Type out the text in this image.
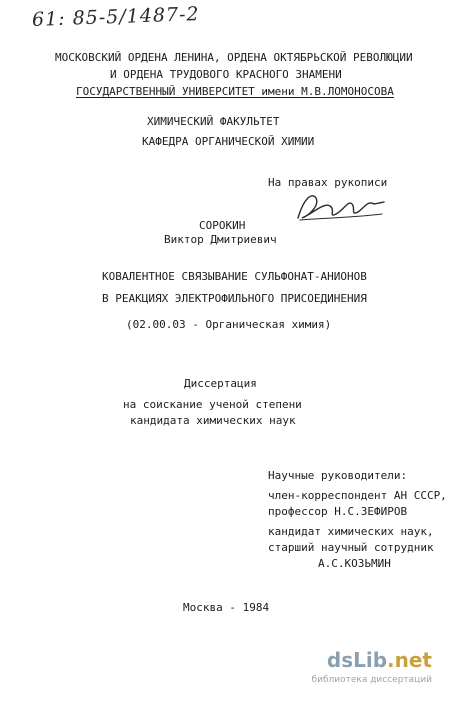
61: 85-5/1487-2
МОСКОВСКИЙ ОРДЕНА ЛЕНИНА, ОРДЕНА ОКТЯБРЬСКОЙ РЕВОЛЮЦИИ
И ОРДЕНА ТРУДОВОГО КРАСНОГО ЗНАМЕНИ
ГОСУДАРСТВЕННЫЙ УНИВЕРСИТЕТ имени М.В.ЛОМОНОСОВА
ХИМИЧЕСКИЙ ФАКУЛЬТЕТ
КАФЕДРА ОРГАНИЧЕСКОЙ ХИМИИ
На правах рукописи
СОРОКИН
Виктор Дмитриевич
КОВАЛЕНТНОЕ СВЯЗЫВАНИЕ СУЛЬФОНАТ-АНИОНОВ
В РЕАКЦИЯХ ЭЛЕКТРОФИЛЬНОГО ПРИСОЕДИНЕНИЯ
(02.00.03 - Органическая химия)
Диссертация
на соискание ученой степени
кандидата химических наук
Научные руководители:
член-корреспондент АН СССР,
профессор Н.С.ЗЕФИРОВ
кандидат химических наук,
старший научный сотрудник
А.С.КОЗЬМИН
Москва - 1984
dsLib.net
библиотека диссертаций
